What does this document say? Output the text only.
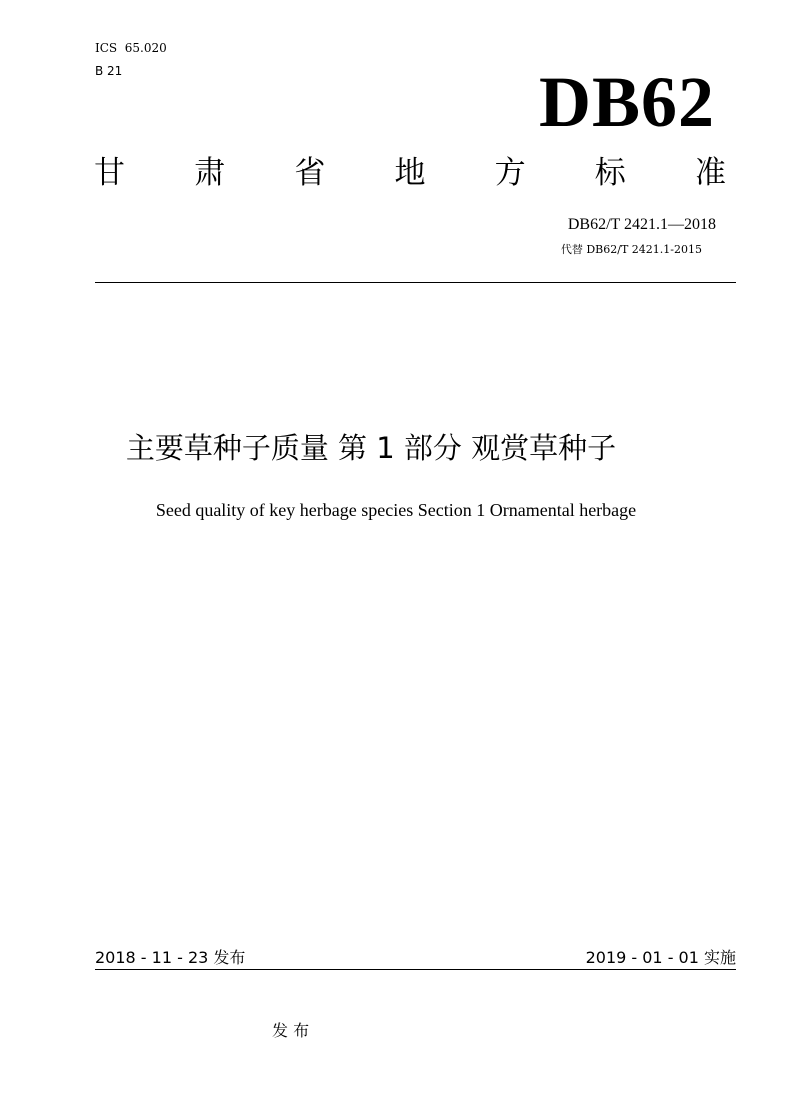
ICS  65.020
B 21	DB62
甘 肃 省 地 方 标 准
DB62/T 2421.1—2018
代替 DB62/T 2421.1-2015
主要草种子质量 第 1 部分 观赏草种子
Seed quality of key herbage species Section 1 Ornamental herbage
2018 - 11 - 23 发布	2019 - 01 - 01 实施
发 布
